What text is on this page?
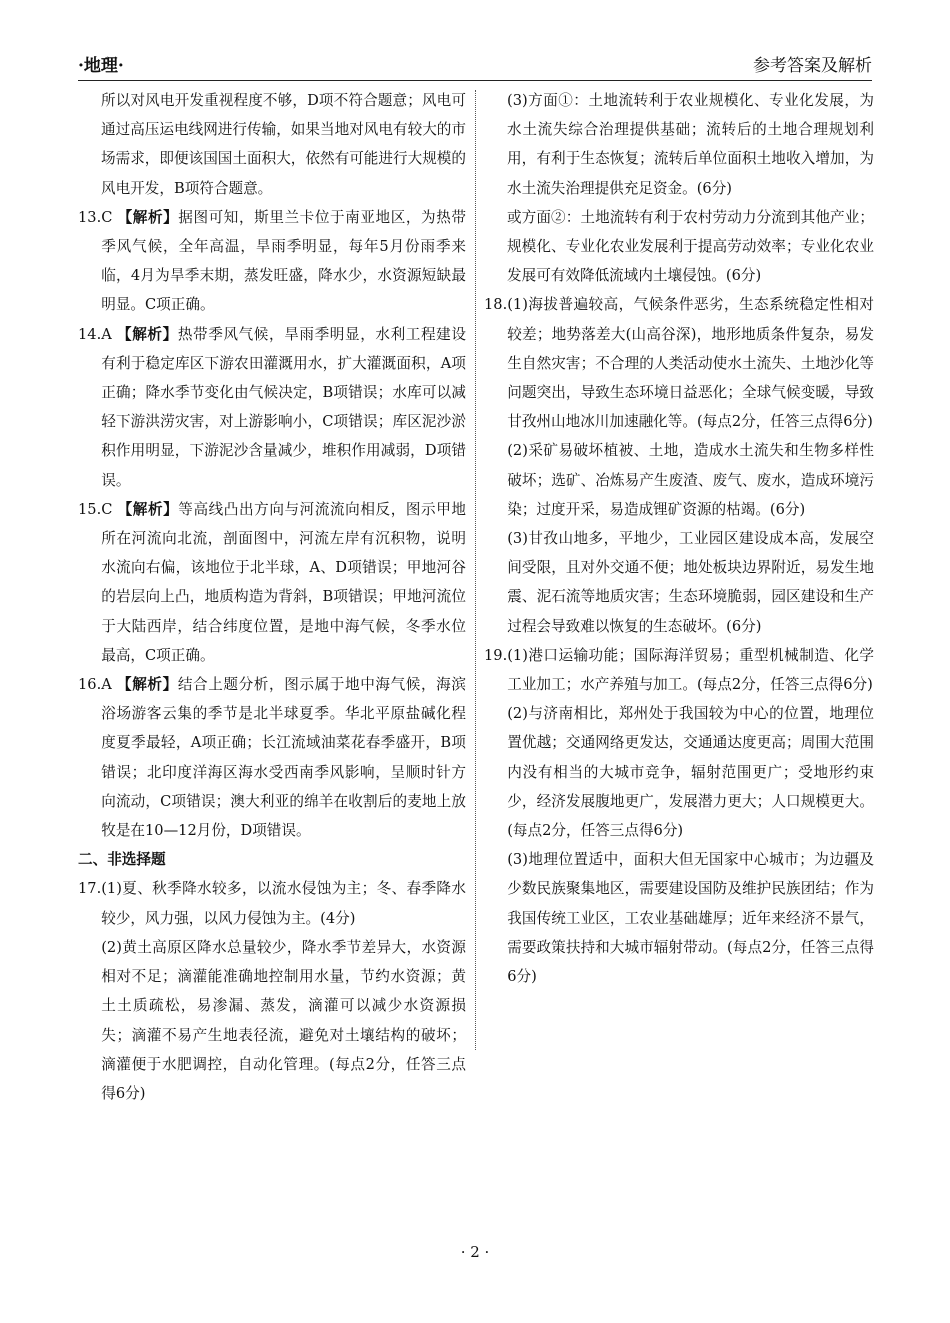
·地理·	参考答案及解析

所以对风电开发重视程度不够，D项不符合题意；风电可通过高压运电线网进行传输，如果当地对风电有较大的市场需求，即便该国国土面积大，依然有可能进行大规模的风电开发，B项符合题意。

13. C 【解析】据图可知，斯里兰卡位于南亚地区，为热带季风气候，全年高温，旱雨季明显，每年5月份雨季来临，4月为旱季末期，蒸发旺盛，降水少，水资源短缺最明显。C项正确。
14. A 【解析】热带季风气候，旱雨季明显，水利工程建设有利于稳定库区下游农田灌溉用水，扩大灌溉面积，A项正确；降水季节变化由气候决定，B项错误；水库可以减轻下游洪涝灾害，对上游影响小，C项错误；库区泥沙淤积作用明显，下游泥沙含量减少，堆积作用减弱，D项错误。
15. C 【解析】等高线凸出方向与河流流向相反，图示甲地所在河流向北流，剖面图中，河流左岸有沉积物，说明水流向右偏，该地位于北半球，A、D项错误；甲地河谷的岩层向上凸，地质构造为背斜，B项错误；甲地河流位于大陆西岸，结合纬度位置，是地中海气候，冬季水位最高，C项正确。
16. A 【解析】结合上题分析，图示属于地中海气候，海滨浴场游客云集的季节是北半球夏季。华北平原盐碱化程度夏季最轻，A项正确；长江流域油菜花春季盛开，B项错误；北印度洋海区海水受西南季风影响，呈顺时针方向流动，C项错误；澳大利亚的绵羊在收割后的麦地上放牧是在10—12月份，D项错误。

二、非选择题

17. (1)夏、秋季降水较多，以流水侵蚀为主；冬、春季降水较少，风力强，以风力侵蚀为主。(4分)

(2)黄土高原区降水总量较少，降水季节差异大，水资源相对不足；滴灌能准确地控制用水量，节约水资源；黄土土质疏松，易渗漏、蒸发，滴灌可以减少水资源损失；滴灌不易产生地表径流，避免对土壤结构的破坏；滴灌便于水肥调控，自动化管理。(每点2分，任答三点得6分)

(3)方面①：土地流转利于农业规模化、专业化发展，为水土流失综合治理提供基础；流转后的土地合理规划利用，有利于生态恢复；流转后单位面积土地收入增加，为水土流失治理提供充足资金。(6分)

或方面②：土地流转有利于农村劳动力分流到其他产业；规模化、专业化农业发展利于提高劳动效率；专业化农业发展可有效降低流域内土壤侵蚀。(6分)

18. (1)海拔普遍较高，气候条件恶劣，生态系统稳定性相对较差；地势落差大(山高谷深)，地形地质条件复杂，易发生自然灾害；不合理的人类活动使水土流失、土地沙化等问题突出，导致生态环境日益恶化；全球气候变暖，导致甘孜州山地冰川加速融化等。(每点2分，任答三点得6分)

(2)采矿易破坏植被、土地，造成水土流失和生物多样性破坏；选矿、冶炼易产生废渣、废气、废水，造成环境污染；过度开采，易造成锂矿资源的枯竭。(6分)

(3)甘孜山地多，平地少，工业园区建设成本高，发展空间受限，且对外交通不便；地处板块边界附近，易发生地震、泥石流等地质灾害；生态环境脆弱，园区建设和生产过程会导致难以恢复的生态破坏。(6分)

19. (1)港口运输功能；国际海洋贸易；重型机械制造、化学工业加工；水产养殖与加工。(每点2分，任答三点得6分)

(2)与济南相比，郑州处于我国较为中心的位置，地理位置优越；交通网络更发达，交通通达度更高；周围大范围内没有相当的大城市竞争，辐射范围更广；受地形约束少，经济发展腹地更广，发展潜力更大；人口规模更大。(每点2分，任答三点得6分)

(3)地理位置适中，面积大但无国家中心城市；为边疆及少数民族聚集地区，需要建设国防及维护民族团结；作为我国传统工业区，工农业基础雄厚；近年来经济不景气，需要政策扶持和大城市辐射带动。(每点2分，任答三点得6分)

· 2 ·
